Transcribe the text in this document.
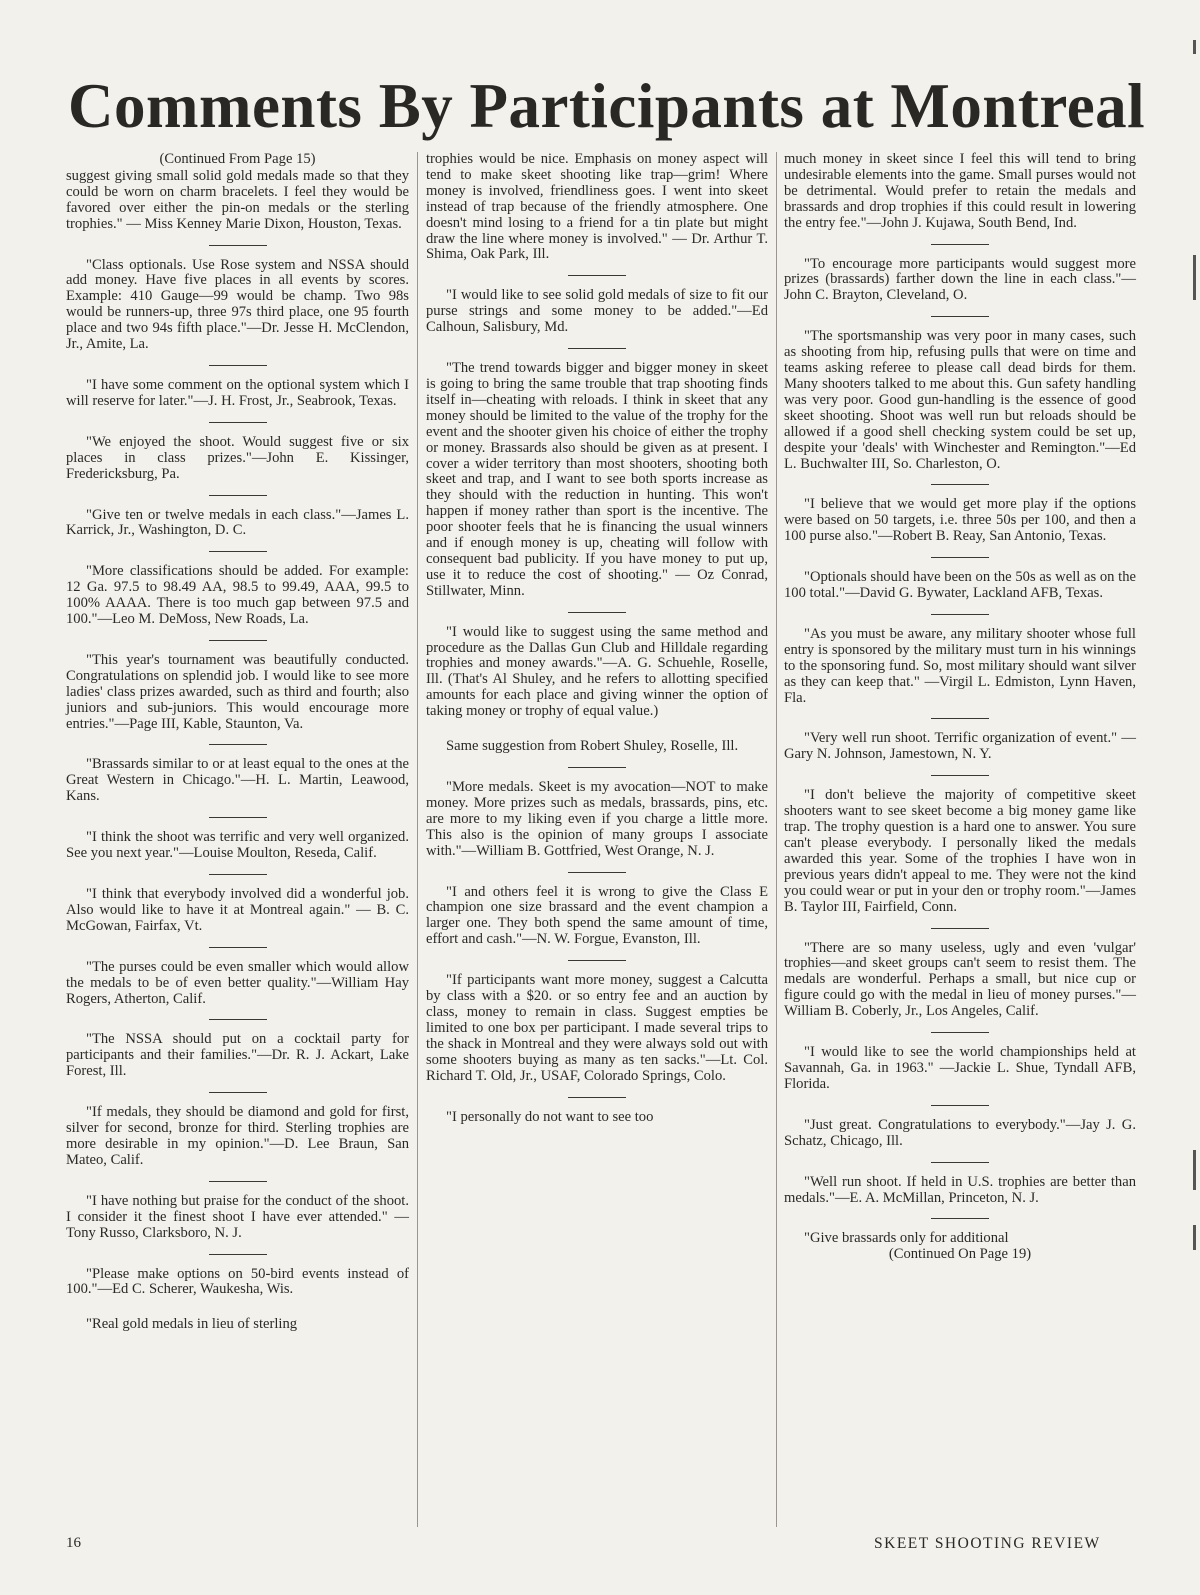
Comments By Participants at Montreal
(Continued From Page 15)

suggest giving small solid gold medals made so that they could be worn on charm bracelets. I feel they would be favored over either the pin-on medals or the sterling trophies." — Miss Kenney Marie Dixon, Houston, Texas.

"Class optionals. Use Rose system and NSSA should add money. Have five places in all events by scores. Example: 410 Gauge—99 would be champ. Two 98s would be runners-up, three 97s third place, one 95 fourth place and two 94s fifth place."—Dr. Jesse H. McClendon, Jr., Amite, La.

"I have some comment on the optional system which I will reserve for later."—J. H. Frost, Jr., Seabrook, Texas.

"We enjoyed the shoot. Would suggest five or six places in class prizes."—John E. Kissinger, Fredericksburg, Pa.

"Give ten or twelve medals in each class."—James L. Karrick, Jr., Washington, D. C.

"More classifications should be added. For example: 12 Ga. 97.5 to 98.49 AA, 98.5 to 99.49, AAA, 99.5 to 100% AAAA. There is too much gap between 97.5 and 100."—Leo M. DeMoss, New Roads, La.

"This year's tournament was beautifully conducted. Congratulations on splendid job. I would like to see more ladies' class prizes awarded, such as third and fourth; also juniors and sub-juniors. This would encourage more entries."—Page III, Kable, Staunton, Va.

"Brassards similar to or at least equal to the ones at the Great Western in Chicago."—H. L. Martin, Leawood, Kans.

"I think the shoot was terrific and very well organized. See you next year."—Louise Moulton, Reseda, Calif.

"I think that everybody involved did a wonderful job. Also would like to have it at Montreal again." — B. C. McGowan, Fairfax, Vt.

"The purses could be even smaller which would allow the medals to be of even better quality."—William Hay Rogers, Atherton, Calif.

"The NSSA should put on a cocktail party for participants and their families."—Dr. R. J. Ackart, Lake Forest, Ill.

"If medals, they should be diamond and gold for first, silver for second, bronze for third. Sterling trophies are more desirable in my opinion."—D. Lee Braun, San Mateo, Calif.

"I have nothing but praise for the conduct of the shoot. I consider it the finest shoot I have ever attended." — Tony Russo, Clarksboro, N. J.

"Please make options on 50-bird events instead of 100."—Ed C. Scherer, Waukesha, Wis.

"Real gold medals in lieu of sterling

trophies would be nice. Emphasis on money aspect will tend to make skeet shooting like trap—grim! Where money is involved, friendliness goes. I went into skeet instead of trap because of the friendly atmosphere. One doesn't mind losing to a friend for a tin plate but might draw the line where money is involved." — Dr. Arthur T. Shima, Oak Park, Ill.

"I would like to see solid gold medals of size to fit our purse strings and some money to be added."—Ed Calhoun, Salisbury, Md.

"The trend towards bigger and bigger money in skeet is going to bring the same trouble that trap shooting finds itself in—cheating with reloads. I think in skeet that any money should be limited to the value of the trophy for the event and the shooter given his choice of either the trophy or money. Brassards also should be given as at present. I cover a wider territory than most shooters, shooting both skeet and trap, and I want to see both sports increase as they should with the reduction in hunting. This won't happen if money rather than sport is the incentive. The poor shooter feels that he is financing the usual winners and if enough money is up, cheating will follow with consequent bad publicity. If you have money to put up, use it to reduce the cost of shooting." — Oz Conrad, Stillwater, Minn.

"I would like to suggest using the same method and procedure as the Dallas Gun Club and Hilldale regarding trophies and money awards."—A. G. Schuehle, Roselle, Ill. (That's Al Shuley, and he refers to allotting specified amounts for each place and giving winner the option of taking money or trophy of equal value.)

Same suggestion from Robert Shuley, Roselle, Ill.

"More medals. Skeet is my avocation—NOT to make money. More prizes such as medals, brassards, pins, etc. are more to my liking even if you charge a little more. This also is the opinion of many groups I associate with."—William B. Gottfried, West Orange, N. J.

"I and others feel it is wrong to give the Class E champion one size brassard and the event champion a larger one. They both spend the same amount of time, effort and cash."—N. W. Forgue, Evanston, Ill.

"If participants want more money, suggest a Calcutta by class with a $20. or so entry fee and an auction by class, money to remain in class. Suggest empties be limited to one box per participant. I made several trips to the shack in Montreal and they were always sold out with some shooters buying as many as ten sacks."—Lt. Col. Richard T. Old, Jr., USAF, Colorado Springs, Colo.

"I personally do not want to see too

much money in skeet since I feel this will tend to bring undesirable elements into the game. Small purses would not be detrimental. Would prefer to retain the medals and brassards and drop trophies if this could result in lowering the entry fee."—John J. Kujawa, South Bend, Ind.

"To encourage more participants would suggest more prizes (brassards) farther down the line in each class."—John C. Brayton, Cleveland, O.

"The sportsmanship was very poor in many cases, such as shooting from hip, refusing pulls that were on time and teams asking referee to please call dead birds for them. Many shooters talked to me about this. Gun safety handling was very poor. Good gun-handling is the essence of good skeet shooting. Shoot was well run but reloads should be allowed if a good shell checking system could be set up, despite your 'deals' with Winchester and Remington."—Ed L. Buchwalter III, So. Charleston, O.

"I believe that we would get more play if the options were based on 50 targets, i.e. three 50s per 100, and then a 100 purse also."—Robert B. Reay, San Antonio, Texas.

"Optionals should have been on the 50s as well as on the 100 total."—David G. Bywater, Lackland AFB, Texas.

"As you must be aware, any military shooter whose full entry is sponsored by the military must turn in his winnings to the sponsoring fund. So, most military should want silver as they can keep that." —Virgil L. Edmiston, Lynn Haven, Fla.

"Very well run shoot. Terrific organization of event." — Gary N. Johnson, Jamestown, N. Y.

"I don't believe the majority of competitive skeet shooters want to see skeet become a big money game like trap. The trophy question is a hard one to answer. You sure can't please everybody. I personally liked the medals awarded this year. Some of the trophies I have won in previous years didn't appeal to me. They were not the kind you could wear or put in your den or trophy room."—James B. Taylor III, Fairfield, Conn.

"There are so many useless, ugly and even 'vulgar' trophies—and skeet groups can't seem to resist them. The medals are wonderful. Perhaps a small, but nice cup or figure could go with the medal in lieu of money purses."—William B. Coberly, Jr., Los Angeles, Calif.

"I would like to see the world championships held at Savannah, Ga. in 1963." —Jackie L. Shue, Tyndall AFB, Florida.

"Just great. Congratulations to everybody."—Jay J. G. Schatz, Chicago, Ill.

"Well run shoot. If held in U.S. trophies are better than medals."—E. A. McMillan, Princeton, N. J.

"Give brassards only for additional

(Continued On Page 19)
16	SKEET SHOOTING REVIEW
